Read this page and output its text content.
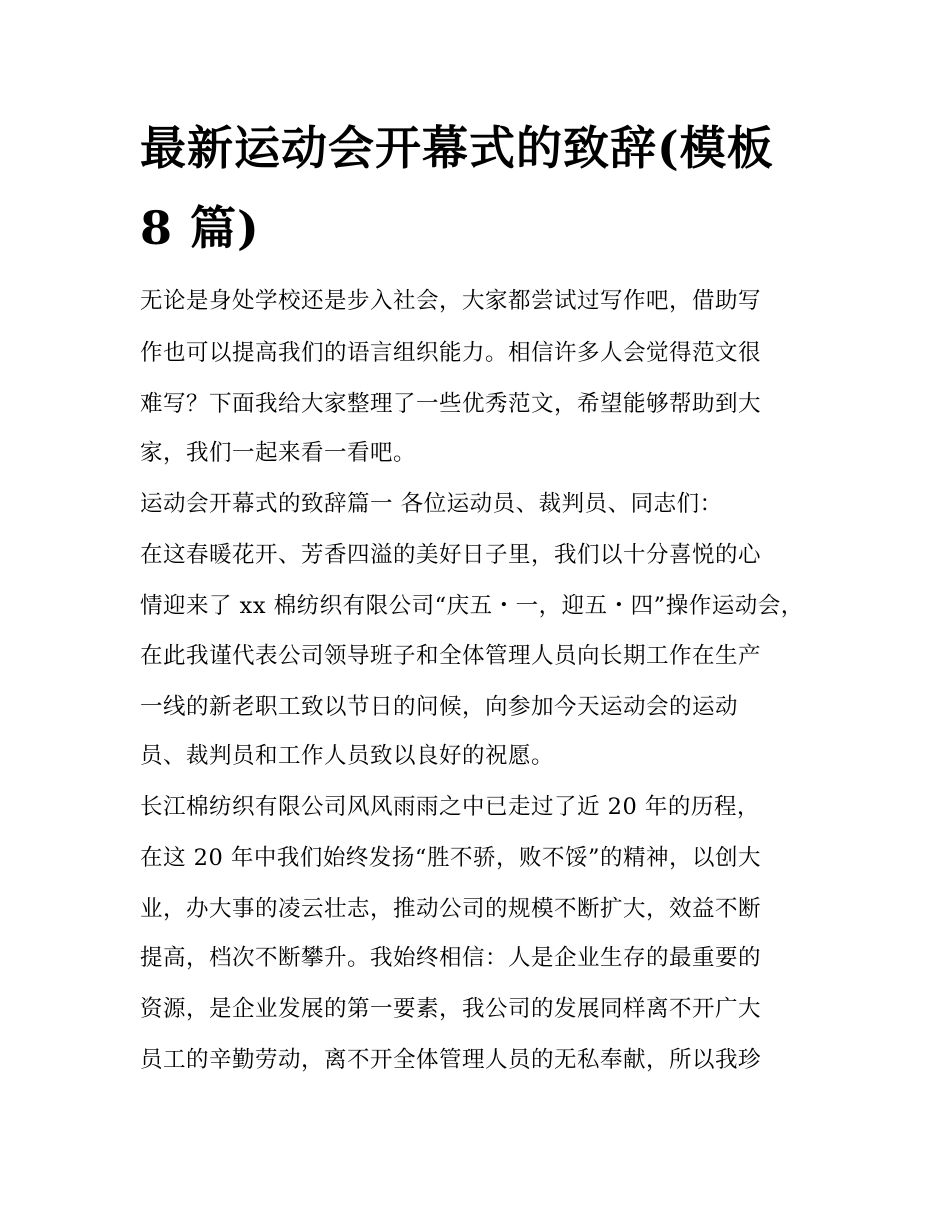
最新运动会开幕式的致辞(模板
8 篇)
无论是身处学校还是步入社会，大家都尝试过写作吧，借助写
作也可以提高我们的语言组织能力。相信许多人会觉得范文很
难写？下面我给大家整理了一些优秀范文，希望能够帮助到大
家，我们一起来看一看吧。
运动会开幕式的致辞篇一 各位运动员、裁判员、同志们：
在这春暖花开、芳香四溢的美好日子里，我们以十分喜悦的心
情迎来了 xx 棉纺织有限公司“庆五・一，迎五・四”操作运动会，
在此我谨代表公司领导班子和全体管理人员向长期工作在生产
一线的新老职工致以节日的问候，向参加今天运动会的运动
员、裁判员和工作人员致以良好的祝愿。
长江棉纺织有限公司风风雨雨之中已走过了近 20 年的历程，
在这 20 年中我们始终发扬“胜不骄，败不馁”的精神，以创大
业，办大事的凌云壮志，推动公司的规模不断扩大，效益不断
提高，档次不断攀升。我始终相信：人是企业生存的最重要的
资源，是企业发展的第一要素，我公司的发展同样离不开广大
员工的辛勤劳动，离不开全体管理人员的无私奉献，所以我珍
